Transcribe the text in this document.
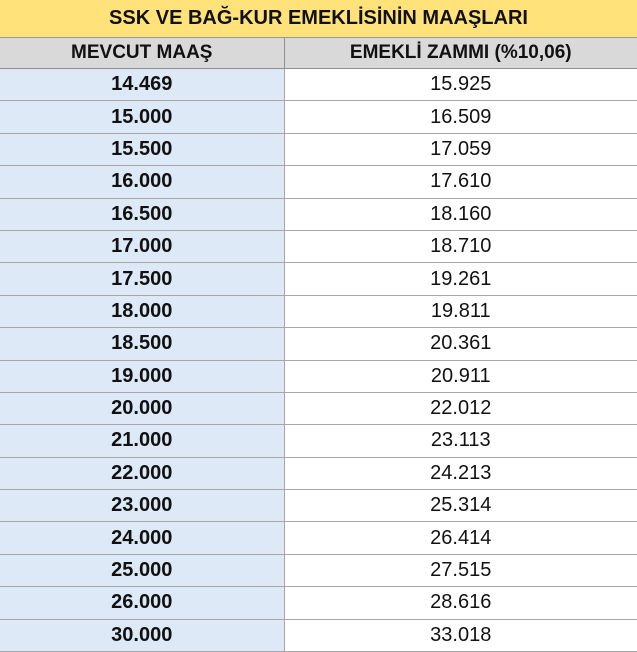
SSK VE BAĞ-KUR EMEKLİSİNİN MAAŞLARI
MEVCUT MAAŞ	EMEKLİ ZAMMI (%10,06)
14.469	15.925
15.000	16.509
15.500	17.059
16.000	17.610
16.500	18.160
17.000	18.710
17.500	19.261
18.000	19.811
18.500	20.361
19.000	20.911
20.000	22.012
21.000	23.113
22.000	24.213
23.000	25.314
24.000	26.414
25.000	27.515
26.000	28.616
30.000	33.018
